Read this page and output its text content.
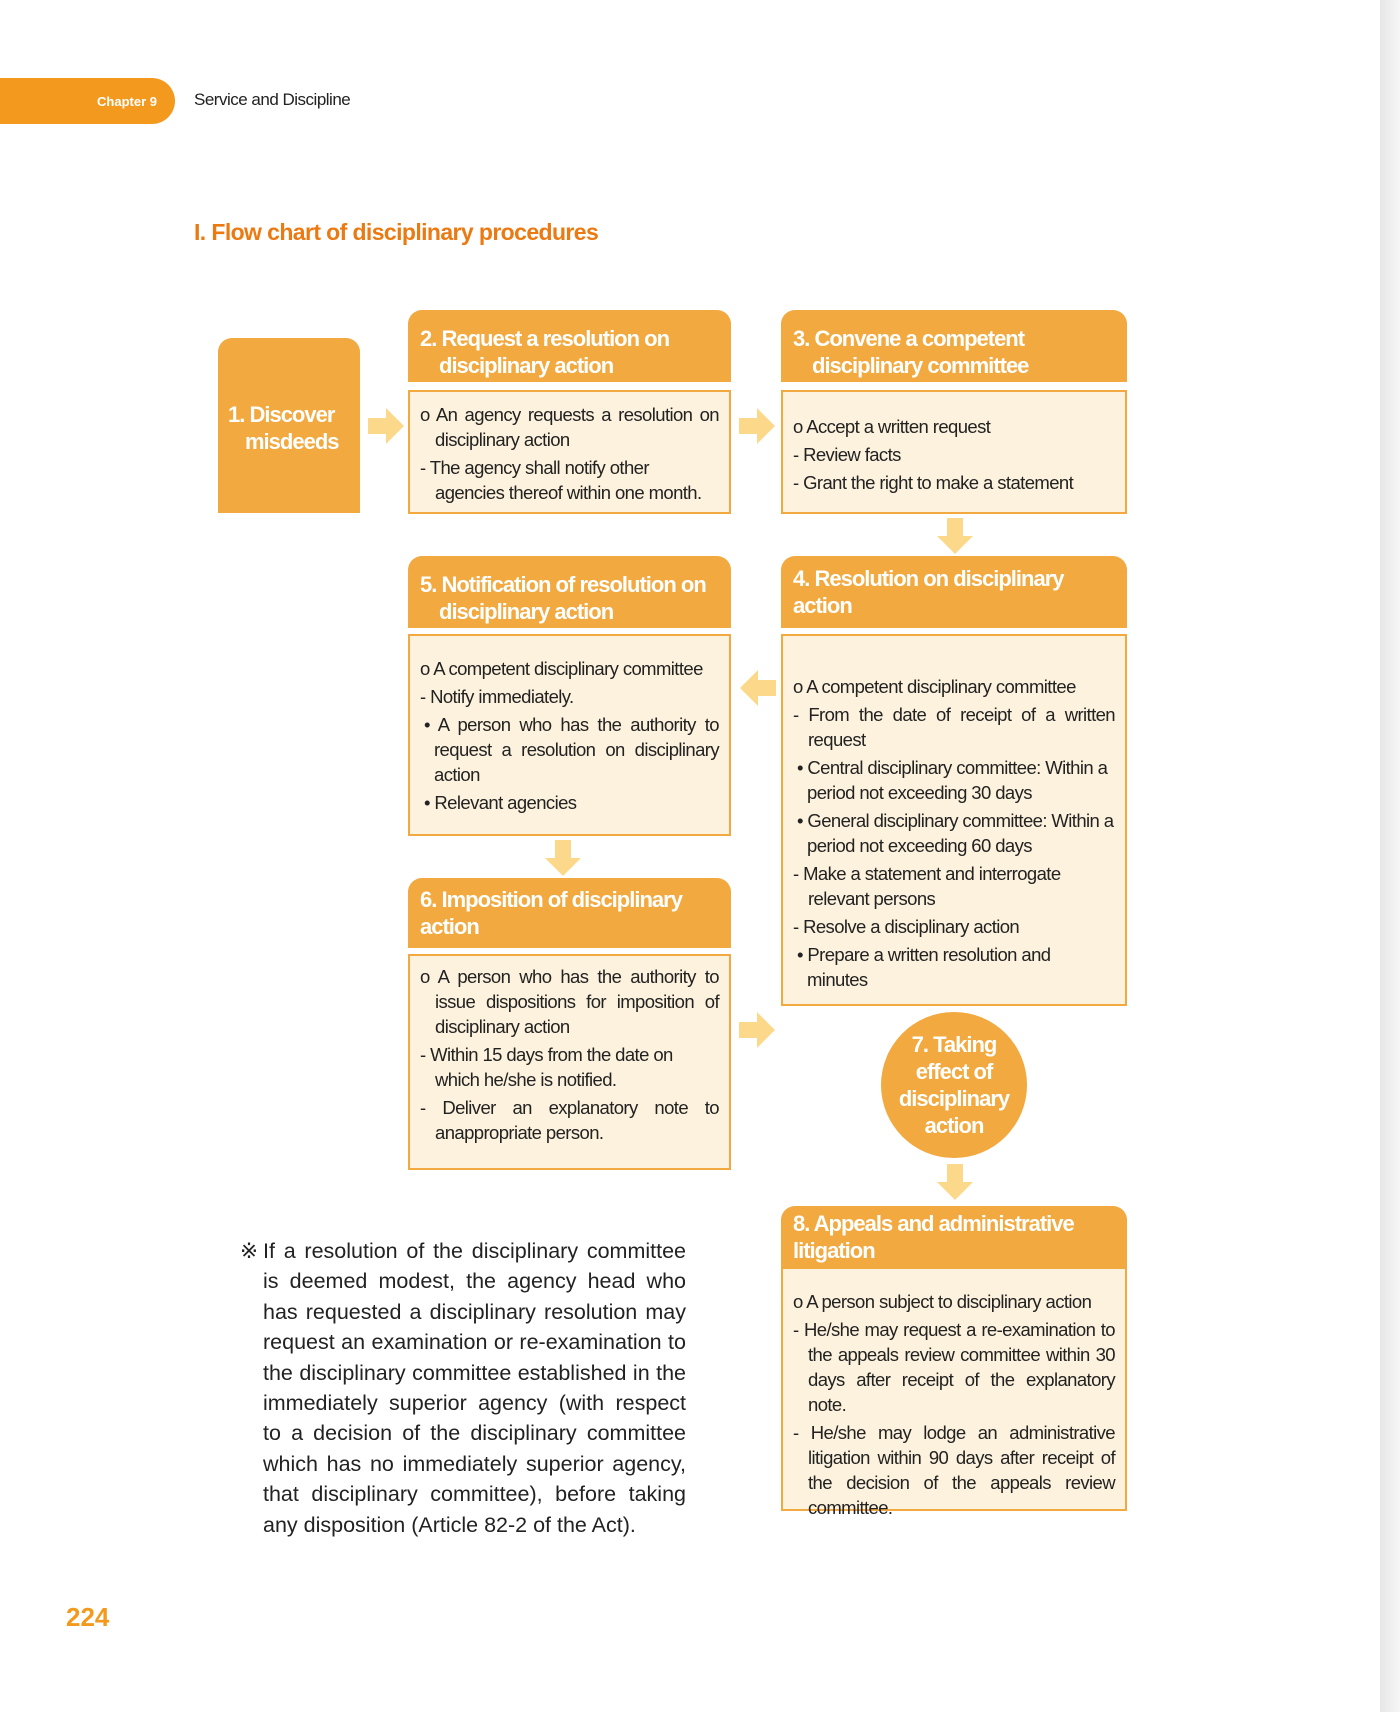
Chapter 9 Service and Discipline
I. Flow chart of disciplinary procedures
1. Discover
misdeeds
2. Request a resolution on
disciplinary action

o An agency requests a resolution on disciplinary action

- The agency shall notify other agencies thereof within one month.

3. Convene a competent
disciplinary committee

o Accept a written request

- Review facts

- Grant the right to make a statement

5. Notification of resolution on
disciplinary action

o A competent disciplinary committee

- Notify immediately.

• A person who has the authority to request a resolution on disciplinary action

• Relevant agencies

4. Resolution on disciplinary action

o A competent disciplinary committee

- From the date of receipt of a written request

• Central disciplinary committee: Within a period not exceeding 30 days

• General disciplinary committee: Within a period not exceeding 60 days

- Make a statement and interrogate relevant persons

- Resolve a disciplinary action

• Prepare a written resolution and minutes

6. Imposition of disciplinary action

o A person who has the authority to issue dispositions for imposition of disciplinary action

- Within 15 days from the date on which he/she is notified.

- Deliver an explanatory note to anappropriate person.

7. Taking
effect of
disciplinary
action
8. Appeals and administrative litigation

o A person subject to disciplinary action

- He/she may request a re-examination to the appeals review committee within 30 days after receipt of the explanatory note.

- He/she may lodge an administrative litigation within 90 days after receipt of the decision of the appeals review committee.

※ If a resolution of the disciplinary committee is deemed modest, the agency head who has requested a disciplinary resolution may request an examination or re-examination to the disciplinary committee established in the immediately superior agency (with respect to a decision of the disciplinary committee which has no immediately superior agency, that disciplinary committee), before taking any disposition (Article 82-2 of the Act).
224
